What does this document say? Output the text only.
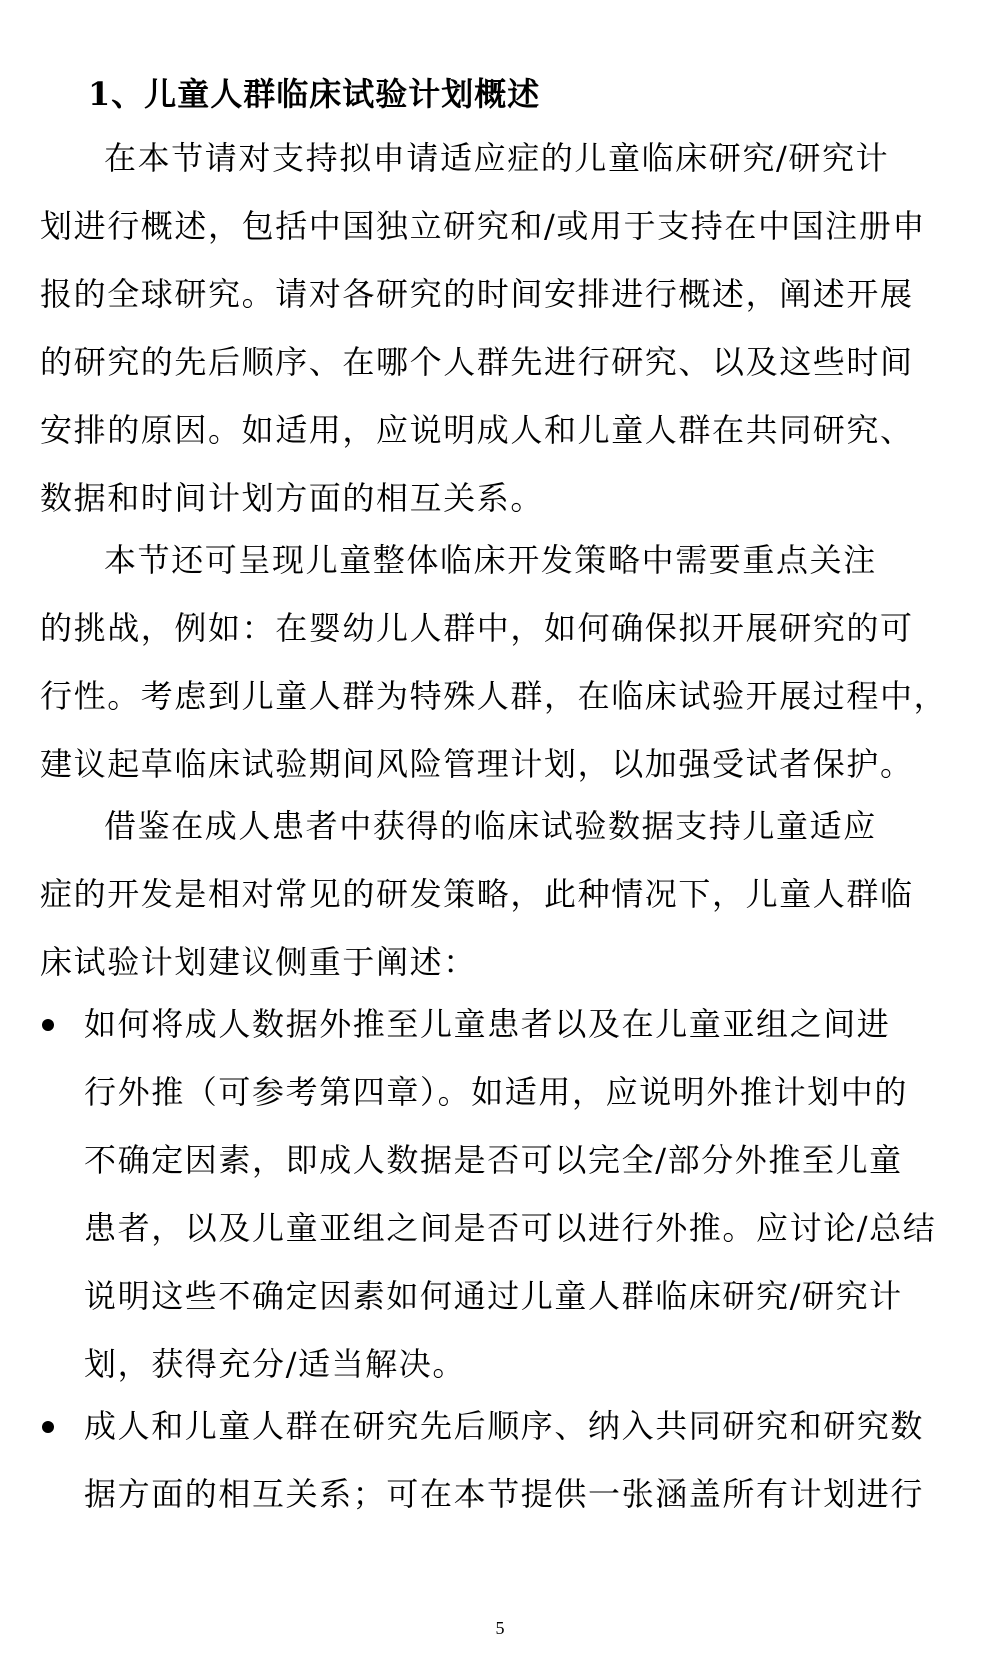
1、儿童人群临床试验计划概述
在本节请对支持拟申请适应症的儿童临床研究/研究计
划进行概述，包括中国独立研究和/或用于支持在中国注册申
报的全球研究。请对各研究的时间安排进行概述，阐述开展
的研究的先后顺序、在哪个人群先进行研究、以及这些时间
安排的原因。如适用，应说明成人和儿童人群在共同研究、
数据和时间计划方面的相互关系。
本节还可呈现儿童整体临床开发策略中需要重点关注
的挑战，例如：在婴幼儿人群中，如何确保拟开展研究的可
行性。考虑到儿童人群为特殊人群，在临床试验开展过程中，
建议起草临床试验期间风险管理计划，以加强受试者保护。
借鉴在成人患者中获得的临床试验数据支持儿童适应
症的开发是相对常见的研发策略，此种情况下，儿童人群临
床试验计划建议侧重于阐述：
如何将成人数据外推至儿童患者以及在儿童亚组之间进
行外推（可参考第四章）。如适用，应说明外推计划中的
不确定因素，即成人数据是否可以完全/部分外推至儿童
患者，以及儿童亚组之间是否可以进行外推。应讨论/总结
说明这些不确定因素如何通过儿童人群临床研究/研究计
划，获得充分/适当解决。
成人和儿童人群在研究先后顺序、纳入共同研究和研究数
据方面的相互关系；可在本节提供一张涵盖所有计划进行
5
